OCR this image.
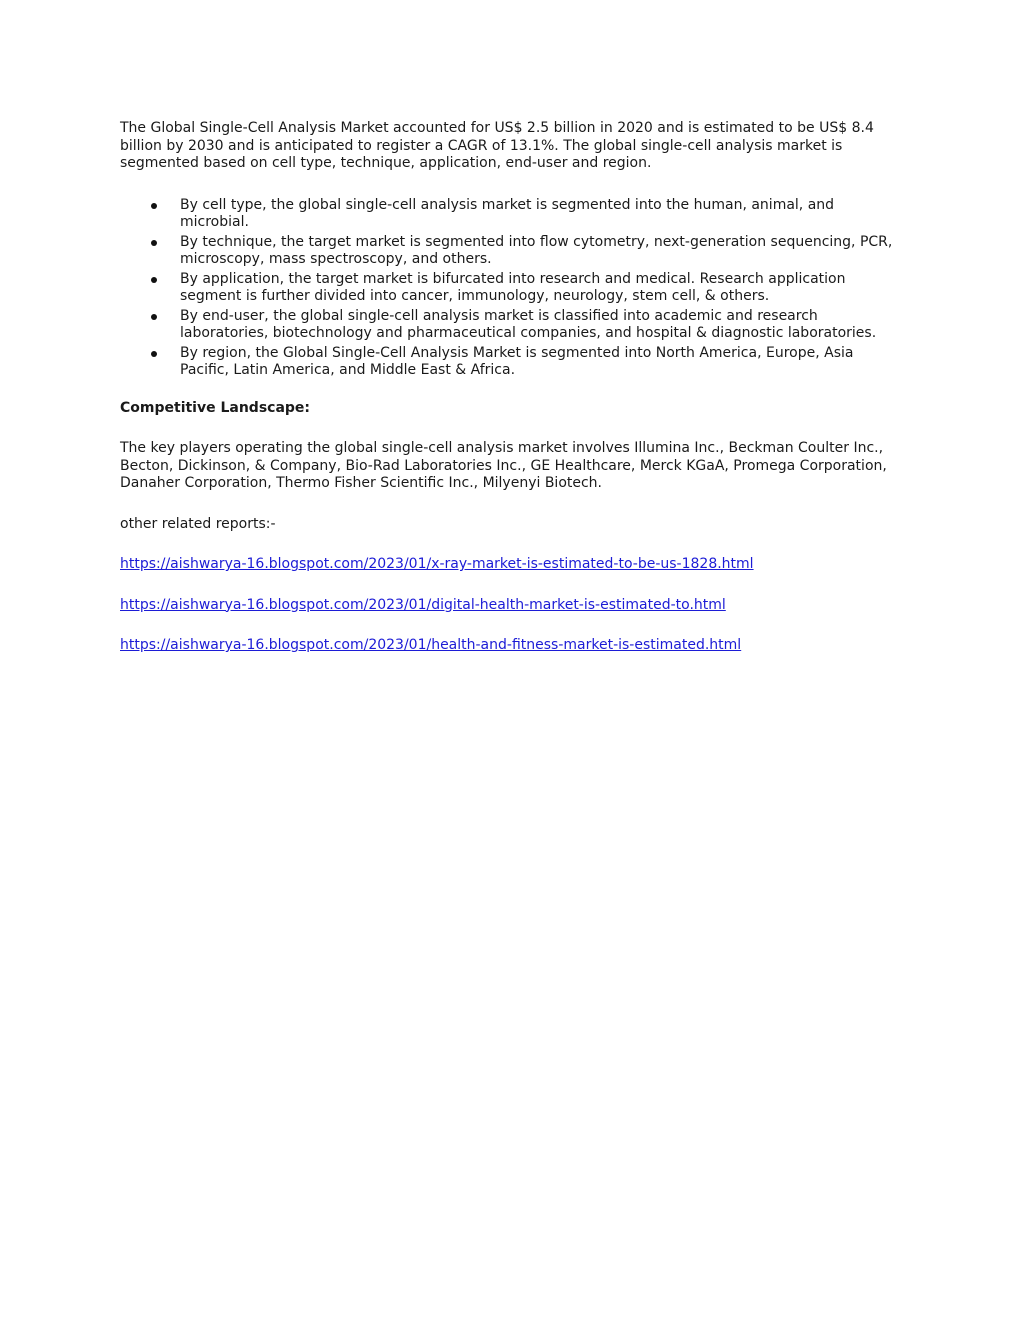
The Global Single-Cell Analysis Market accounted for US$ 2.5 billion in 2020 and is estimated to be US$ 8.4 billion by 2030 and is anticipated to register a CAGR of 13.1%. The global single-cell analysis market is segmented based on cell type, technique, application, end-user and region.

By cell type, the global single-cell analysis market is segmented into the human, animal, and microbial.
By technique, the target market is segmented into flow cytometry, next-generation sequencing, PCR, microscopy, mass spectroscopy, and others.
By application, the target market is bifurcated into research and medical. Research application segment is further divided into cancer, immunology, neurology, stem cell, & others.
By end-user, the global single-cell analysis market is classified into academic and research laboratories, biotechnology and pharmaceutical companies, and hospital & diagnostic laboratories.
By region, the Global Single-Cell Analysis Market is segmented into North America, Europe, Asia Pacific, Latin America, and Middle East & Africa.

Competitive Landscape:

The key players operating the global single-cell analysis market involves Illumina Inc., Beckman Coulter Inc., Becton, Dickinson, & Company, Bio-Rad Laboratories Inc., GE Healthcare, Merck KGaA, Promega Corporation, Danaher Corporation, Thermo Fisher Scientific Inc., Milyenyi Biotech.

other related reports:-

https://aishwarya-16.blogspot.com/2023/01/x-ray-market-is-estimated-to-be-us-1828.html
https://aishwarya-16.blogspot.com/2023/01/digital-health-market-is-estimated-to.html
https://aishwarya-16.blogspot.com/2023/01/health-and-fitness-market-is-estimated.html
